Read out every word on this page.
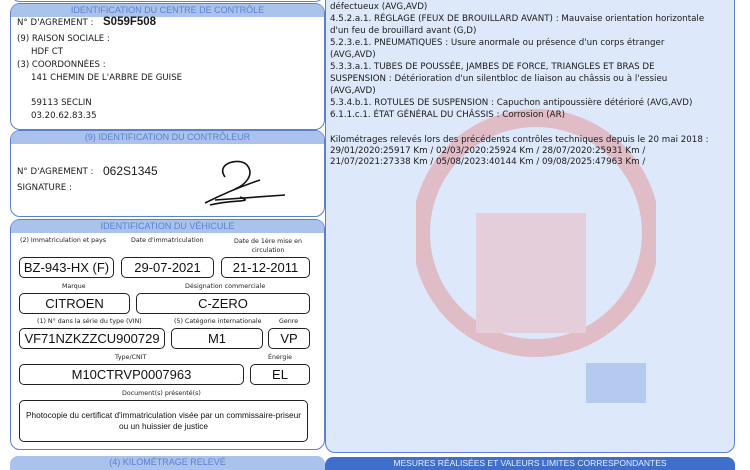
IDENTIFICATION DU CENTRE DE CONTRÔLE
N° D'AGREMENT : S059F508
(9) RAISON SOCIALE :
HDF CT
(3) COORDONNÉES :
141 CHEMIN DE L'ARBRE DE GUISE
59113 SECLIN
03.20.62.83.35
(9) IDENTIFICATION DU CONTRÔLEUR
N° D'AGREMENT : 062S1345
SIGNATURE :
IDENTIFICATION DU VÉHICULE
(2) Immatriculation et pays	Date d'immatriculation	Date de 1ère mise en circulation
BZ-943-HX (F)	29-07-2021	21-12-2011
Marque	Désignation commerciale
CITROEN	C-ZERO
(1) N° dans la série du type (VIN)	(5) Catégorie internationale	Genre
VF71NZKZZCU900729	M1	VP
Type/CNIT	Énergie
M10CTRVP0007963	EL
Document(s) présenté(s)
Photocopie du certificat d'immatriculation visée par un commissaire-priseur ou un huissier de justice
(4) KILOMÉTRAGE RELEVÉ
défectueux (AVG,AVD)
4.5.2.a.1. RÉGLAGE (FEUX DE BROUILLARD AVANT) : Mauvaise orientation horizontale
d'un feu de brouillard avant (G,D)
5.2.3.e.1. PNEUMATIQUES : Usure anormale ou présence d'un corps étranger
(AVG,AVD)
5.3.3.a.1. TUBES DE POUSSÉE, JAMBES DE FORCE, TRIANGLES ET BRAS DE
SUSPENSION : Détérioration d'un silentbloc de liaison au châssis ou à l'essieu
(AVG,AVD)
5.3.4.b.1. ROTULES DE SUSPENSION : Capuchon antipoussière détérioré (AVG,AVD)
6.1.1.c.1. ÉTAT GÉNÉRAL DU CHÂSSIS : Corrosion (AR)
Kilométrages relevés lors des précédents contrôles techniques depuis le 20 mai 2018 :
29/01/2020:25917 Km / 02/03/2020:25924 Km / 28/07/2020:25931 Km /
21/07/2021:27338 Km / 05/08/2023:40144 Km / 09/08/2025:47963 Km /
MESURES RÉALISÉES ET VALEURS LIMITES CORRESPONDANTES
